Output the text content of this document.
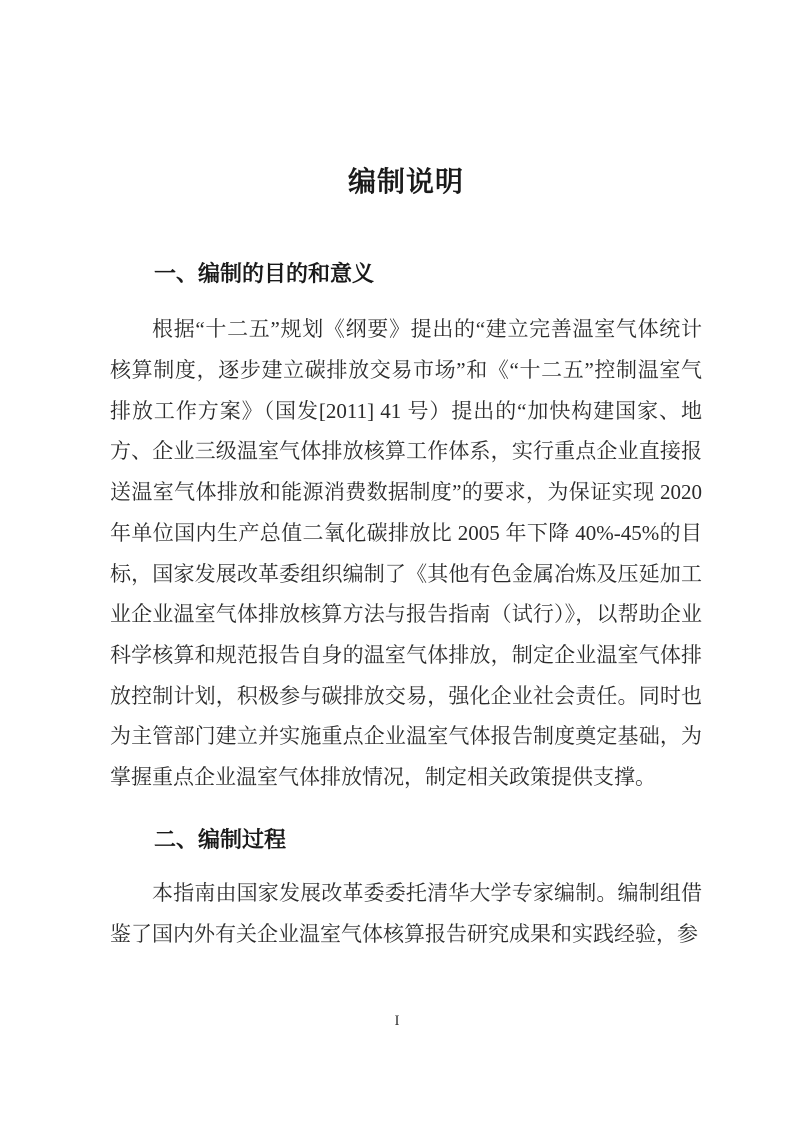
编制说明
一、编制的目的和意义

根据“十二五”规划《纲要》提出的“建立完善温室气体统计核算制度，逐步建立碳排放交易市场”和《“十二五”控制温室气排放工作方案》（国发[2011] 41 号）提出的“加快构建国家、地方、企业三级温室气体排放核算工作体系，实行重点企业直接报送温室气体排放和能源消费数据制度”的要求，为保证实现 2020 年单位国内生产总值二氧化碳排放比 2005 年下降 40%-45%的目标，国家发展改革委组织编制了《其他有色金属冶炼及压延加工业企业温室气体排放核算方法与报告指南（试行）》，以帮助企业科学核算和规范报告自身的温室气体排放，制定企业温室气体排放控制计划，积极参与碳排放交易，强化企业社会责任。同时也为主管部门建立并实施重点企业温室气体报告制度奠定基础，为掌握重点企业温室气体排放情况，制定相关政策提供支撑。

二、编制过程

本指南由国家发展改革委委托清华大学专家编制。编制组借鉴了国内外有关企业温室气体核算报告研究成果和实践经验，参

I
